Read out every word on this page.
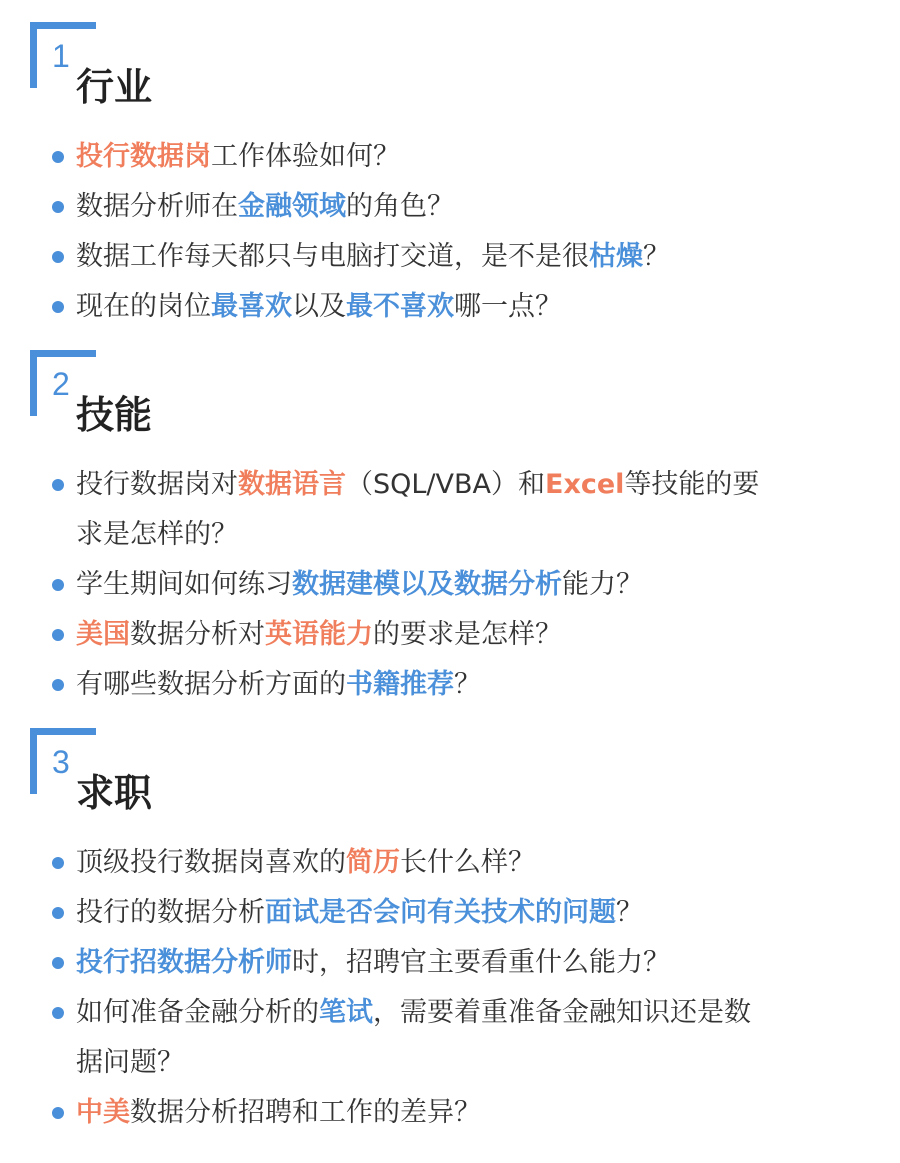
1
行业
投行数据岗工作体验如何？
数据分析师在金融领域的角色？
数据工作每天都只与电脑打交道，是不是很枯燥？
现在的岗位最喜欢以及最不喜欢哪一点？
2
技能
投行数据岗对数据语言（SQL/VBA）和Excel等技能的要求是怎样的？
学生期间如何练习数据建模以及数据分析能力？
美国数据分析对英语能力的要求是怎样？
有哪些数据分析方面的书籍推荐？
3
求职
顶级投行数据岗喜欢的简历长什么样？
投行的数据分析面试是否会问有关技术的问题？
投行招数据分析师时，招聘官主要看重什么能力？
如何准备金融分析的笔试，需要着重准备金融知识还是数据问题？
中美数据分析招聘和工作的差异？
